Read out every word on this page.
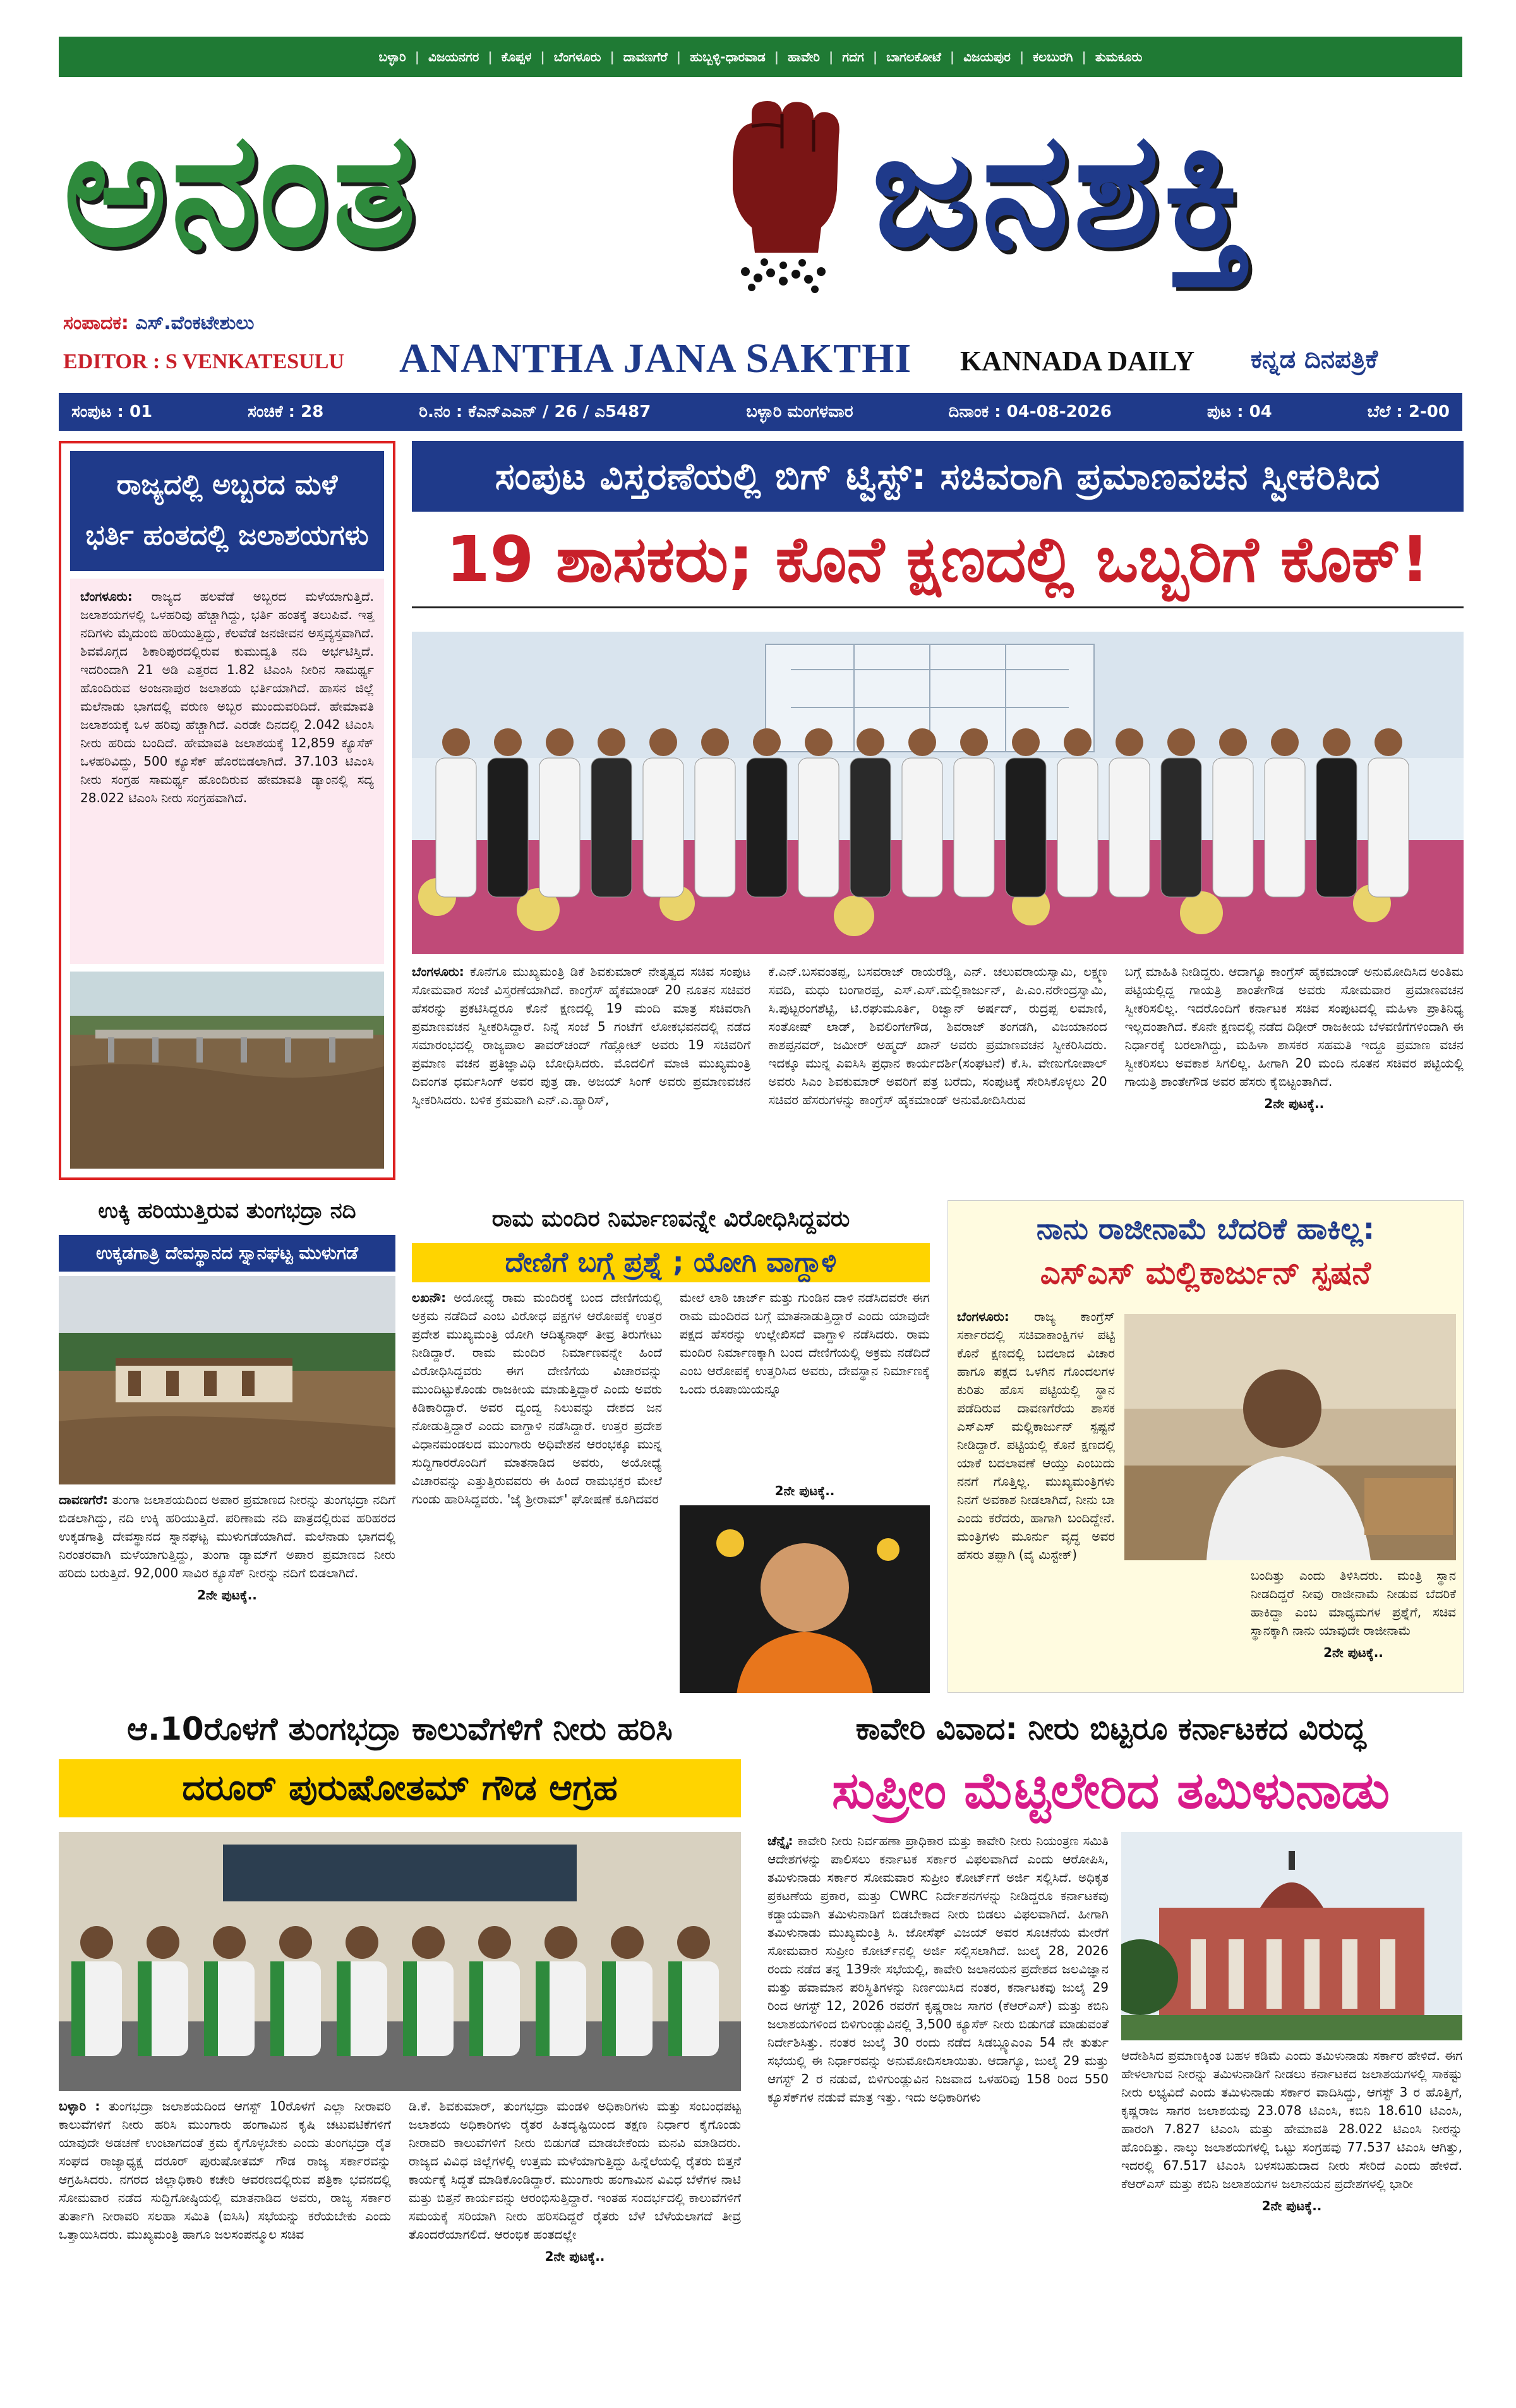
ಬಳ್ಳಾರಿ | ವಿಜಯನಗರ | ಕೊಪ್ಪಳ | ಬೆಂಗಳೂರು | ದಾವಣಗೆರೆ | ಹುಬ್ಬಳ್ಳಿ-ಧಾರವಾಡ | ಹಾವೇರಿ | ಗದಗ | ಬಾಗಲಕೋಟೆ | ವಿಜಯಪುರ | ಕಲಬುರಗಿ | ತುಮಕೂರು
ಅನಂತ	ಜನಶಕ್ತಿ
ಸಂಪಾದಕ: ಎಸ್.ವೆಂಕಟೇಶುಲು
EDITOR : S VENKATESULU ANANTHA JANA SAKTHI KANNADA DAILY ಕನ್ನಡ ದಿನಪತ್ರಿಕೆ
ಸಂಪುಟ : 01	ಸಂಚಿಕೆ : 28	ರಿ.ನಂ : ಕೆಎನ್‌ಎಎನ್ / 26 / ಎ5487	ಬಳ್ಳಾರಿ ಮಂಗಳವಾರ	ದಿನಾಂಕ : 04-08-2026	ಪುಟ : 04	ಬೆಲೆ : 2-00
ರಾಜ್ಯದಲ್ಲಿ ಅಬ್ಬರದ ಮಳೆ
ಭರ್ತಿ ಹಂತದಲ್ಲಿ ಜಲಾಶಯಗಳು
ಬೆಂಗಳೂರು: ರಾಜ್ಯದ ಹಲವೆಡೆ ಅಬ್ಬರದ ಮಳೆಯಾಗುತ್ತಿದೆ. ಜಲಾಶಯಗಳಲ್ಲಿ ಒಳಹರಿವು ಹೆಚ್ಚಾಗಿದ್ದು, ಭರ್ತಿ ಹಂತಕ್ಕೆ ತಲುಪಿವೆ. ಇತ್ತ ನದಿಗಳು ಮೈದುಂಬಿ ಹರಿಯುತ್ತಿದ್ದು, ಕೆಲವೆಡೆ ಜನಜೀವನ ಅಸ್ತವ್ಯಸ್ತವಾಗಿದೆ. ಶಿವಮೊಗ್ಗದ ಶಿಕಾರಿಪುರದಲ್ಲಿರುವ ಕುಮುದ್ವತಿ ನದಿ ಅರ್ಭಟಿಸ್ತಿದೆ. ಇದರಿಂದಾಗಿ 21 ಅಡಿ ಎತ್ತರದ 1.82 ಟಿಎಂಸಿ ನೀರಿನ ಸಾಮರ್ಥ್ಯ ಹೊಂದಿರುವ ಅಂಜನಾಪುರ ಜಲಾಶಯ ಭರ್ತಿಯಾಗಿದೆ. ಹಾಸನ ಜಿಲ್ಲೆ ಮಲೆನಾಡು ಭಾಗದಲ್ಲಿ ವರುಣ ಅಬ್ಬರ ಮುಂದುವರಿದಿದೆ. ಹೇಮಾವತಿ ಜಲಾಶಯಕ್ಕೆ ಒಳ ಹರಿವು ಹೆಚ್ಚಾಗಿದೆ. ಎರಡೇ ದಿನದಲ್ಲಿ 2.042 ಟಿಎಂಸಿ ನೀರು ಹರಿದು ಬಂದಿದೆ. ಹೇಮಾವತಿ ಜಲಾಶಯಕ್ಕೆ 12,859 ಕ್ಯೂಸೆಕ್ ಒಳಹರಿವಿದ್ದು, 500 ಕ್ಯೂಸೆಕ್ ಹೊರಬಿಡಲಾಗಿದೆ. 37.103 ಟಿಎಂಸಿ ನೀರು ಸಂಗ್ರಹ ಸಾಮರ್ಥ್ಯ ಹೊಂದಿರುವ ಹೇಮಾವತಿ ಡ್ಯಾಂನಲ್ಲಿ ಸದ್ಯ 28.022 ಟಿಎಂಸಿ ನೀರು ಸಂಗ್ರಹವಾಗಿದೆ.
ಸಂಪುಟ ವಿಸ್ತರಣೆಯಲ್ಲಿ ಬಿಗ್ ಟ್ವಿಸ್ಟ್: ಸಚಿವರಾಗಿ ಪ್ರಮಾಣವಚನ ಸ್ವೀಕರಿಸಿದ
19 ಶಾಸಕರು; ಕೊನೆ ಕ್ಷಣದಲ್ಲಿ ಒಬ್ಬರಿಗೆ ಕೊಕ್!
ಬೆಂಗಳೂರು: ಕೊನೆಗೂ ಮುಖ್ಯಮಂತ್ರಿ ಡಿಕೆ ಶಿವಕುಮಾರ್ ನೇತೃತ್ವದ ಸಚಿವ ಸಂಪುಟ ಸೋಮವಾರ ಸಂಜೆ ವಿಸ್ತರಣೆಯಾಗಿದೆ. ಕಾಂಗ್ರೆಸ್ ಹೈಕಮಾಂಡ್ 20 ನೂತನ ಸಚಿವರ ಹೆಸರನ್ನು ಪ್ರಕಟಿಸಿದ್ದರೂ ಕೊನೆ ಕ್ಷಣದಲ್ಲಿ 19 ಮಂದಿ ಮಾತ್ರ ಸಚಿವರಾಗಿ ಪ್ರಮಾಣವಚನ ಸ್ವೀಕರಿಸಿದ್ದಾರೆ. ನಿನ್ನೆ ಸಂಜೆ 5 ಗಂಟೆಗೆ ಲೋಕಭವನದಲ್ಲಿ ನಡೆದ ಸಮಾರಂಭದಲ್ಲಿ ರಾಜ್ಯಪಾಲ ತಾವರ್‌ಚಂದ್ ಗೆಹ್ಲೋಟ್ ಅವರು 19 ಸಚಿವರಿಗೆ ಪ್ರಮಾಣ ವಚನ ಪ್ರತಿಜ್ಞಾವಿಧಿ ಬೋಧಿಸಿದರು. ಮೊದಲಿಗೆ ಮಾಜಿ ಮುಖ್ಯಮಂತ್ರಿ ದಿವಂಗತ ಧರ್ಮಸಿಂಗ್ ಅವರ ಪುತ್ರ ಡಾ. ಅಜಯ್ ಸಿಂಗ್ ಅವರು ಪ್ರಮಾಣವಚನ ಸ್ವೀಕರಿಸಿದರು. ಬಳಿಕ ಕ್ರಮವಾಗಿ ಎನ್.ಎ.ಹ್ಯಾರಿಸ್,
ಕೆ.ಎನ್.ಬಸವಂತಪ್ಪ, ಬಸವರಾಜ್ ರಾಯರೆಡ್ಡಿ, ಎನ್. ಚಲುವರಾಯಸ್ವಾಮಿ, ಲಕ್ಷ್ಮಣ ಸವದಿ, ಮಧು ಬಂಗಾರಪ್ಪ, ಎಸ್.ಎಸ್.ಮಲ್ಲಿಕಾರ್ಜುನ್, ಪಿ.ಎಂ.ನರೇಂದ್ರಸ್ವಾಮಿ, ಸಿ.ಪುಟ್ಟರಂಗಶೆಟ್ಟಿ, ಟಿ.ರಘುಮೂರ್ತಿ, ರಿಜ್ವಾನ್ ಅರ್ಷದ್, ರುದ್ರಪ್ಪ ಲಮಾಣಿ, ಸಂತೋಷ್ ಲಾಡ್, ಶಿವಲಿಂಗೇಗೌಡ, ಶಿವರಾಜ್ ತಂಗಡಗಿ, ವಿಜಯಾನಂದ ಕಾಶಪ್ಪನವರ್, ಜಮೀರ್ ಅಹ್ಮದ್ ಖಾನ್ ಅವರು ಪ್ರಮಾಣವಚನ ಸ್ವೀಕರಿಸಿದರು. ಇದಕ್ಕೂ ಮುನ್ನ ಎಐಸಿಸಿ ಪ್ರಧಾನ ಕಾರ್ಯದರ್ಶಿ(ಸಂಘಟನೆ) ಕೆ.ಸಿ. ವೇಣುಗೋಪಾಲ್ ಅವರು ಸಿಎಂ ಶಿವಕುಮಾರ್ ಅವರಿಗೆ ಪತ್ರ ಬರೆದು, ಸಂಪುಟಕ್ಕೆ ಸೇರಿಸಿಕೊಳ್ಳಲು 20 ಸಚಿವರ ಹೆಸರುಗಳನ್ನು ಕಾಂಗ್ರೆಸ್ ಹೈಕಮಾಂಡ್ ಅನುಮೋದಿಸಿರುವ
ಬಗ್ಗೆ ಮಾಹಿತಿ ನೀಡಿದ್ದರು. ಆದಾಗ್ಯೂ ಕಾಂಗ್ರೆಸ್ ಹೈಕಮಾಂಡ್ ಅನುಮೋದಿಸಿದ ಅಂತಿಮ ಪಟ್ಟಿಯಲ್ಲಿದ್ದ ಗಾಯತ್ರಿ ಶಾಂತೇಗೌಡ ಅವರು ಸೋಮವಾರ ಪ್ರಮಾಣವಚನ ಸ್ವೀಕರಿಸಲಿಲ್ಲ. ಇದರೊಂದಿಗೆ ಕರ್ನಾಟಕ ಸಚಿವ ಸಂಪುಟದಲ್ಲಿ ಮಹಿಳಾ ಪ್ರಾತಿನಿಧ್ಯ ಇಲ್ಲದಂತಾಗಿದೆ. ಕೊನೇ ಕ್ಷಣದಲ್ಲಿ ನಡೆದ ದಿಢೀರ್ ರಾಜಕೀಯ ಬೆಳವಣಿಗೆಗಳಿಂದಾಗಿ ಈ ನಿರ್ಧಾರಕ್ಕೆ ಬರಲಾಗಿದ್ದು, ಮಹಿಳಾ ಶಾಸಕರ ಸಹಮತಿ ಇದ್ದೂ ಪ್ರಮಾಣ ವಚನ ಸ್ವೀಕರಿಸಲು ಅವಕಾಶ ಸಿಗಲಿಲ್ಲ. ಹೀಗಾಗಿ 20 ಮಂದಿ ನೂತನ ಸಚಿವರ ಪಟ್ಟಿಯಲ್ಲಿ ಗಾಯತ್ರಿ ಶಾಂತೇಗೌಡ ಅವರ ಹೆಸರು ಕೈಬಿಟ್ಟಂತಾಗಿದೆ.
2ನೇ ಪುಟಕ್ಕೆ..
ಉಕ್ಕಿ ಹರಿಯುತ್ತಿರುವ ತುಂಗಭದ್ರಾ ನದಿ
ಉಕ್ಕಡಗಾತ್ರಿ ದೇವಸ್ಥಾನದ ಸ್ನಾನಘಟ್ಟ ಮುಳುಗಡೆ
ದಾವಣಗೆರೆ: ತುಂಗಾ ಜಲಾಶಯದಿಂದ ಅಪಾರ ಪ್ರಮಾಣದ ನೀರನ್ನು ತುಂಗಭದ್ರಾ ನದಿಗೆ ಬಿಡಲಾಗಿದ್ದು, ನದಿ ಉಕ್ಕಿ ಹರಿಯುತ್ತಿದೆ. ಪರಿಣಾಮ ನದಿ ಪಾತ್ರದಲ್ಲಿರುವ ಹರಿಹರದ ಉಕ್ಕಡಗಾತ್ರಿ ದೇವಸ್ಥಾನದ ಸ್ನಾನಘಟ್ಟ ಮುಳುಗಡೆಯಾಗಿದೆ. ಮಲೆನಾಡು ಭಾಗದಲ್ಲಿ ನಿರಂತರವಾಗಿ ಮಳೆಯಾಗುತ್ತಿದ್ದು, ತುಂಗಾ ಡ್ಯಾಮ್‌ಗೆ ಅಪಾರ ಪ್ರಮಾಣದ ನೀರು ಹರಿದು ಬರುತ್ತಿದೆ. 92,000 ಸಾವಿರ ಕ್ಯೂಸೆಕ್ ನೀರನ್ನು ನದಿಗೆ ಬಿಡಲಾಗಿದೆ.
2ನೇ ಪುಟಕ್ಕೆ..
ರಾಮ ಮಂದಿರ ನಿರ್ಮಾಣವನ್ನೇ ವಿರೋಧಿಸಿದ್ದವರು
ದೇಣಿಗೆ ಬಗ್ಗೆ ಪ್ರಶ್ನೆ ; ಯೋಗಿ ವಾಗ್ದಾಳಿ
ಲಖನೌ: ಅಯೋಧ್ಯೆ ರಾಮ ಮಂದಿರಕ್ಕೆ ಬಂದ ದೇಣಿಗೆಯಲ್ಲಿ ಅಕ್ರಮ ನಡೆದಿದೆ ಎಂಬ ವಿರೋಧ ಪಕ್ಷಗಳ ಆರೋಪಕ್ಕೆ ಉತ್ತರ ಪ್ರದೇಶ ಮುಖ್ಯಮಂತ್ರಿ ಯೋಗಿ ಆದಿತ್ಯನಾಥ್ ತೀವ್ರ ತಿರುಗೇಟು ನೀಡಿದ್ದಾರೆ. ರಾಮ ಮಂದಿರ ನಿರ್ಮಾಣವನ್ನೇ ಹಿಂದೆ ವಿರೋಧಿಸಿದ್ದವರು ಈಗ ದೇಣಿಗೆಯ ವಿಚಾರವನ್ನು ಮುಂದಿಟ್ಟುಕೊಂಡು ರಾಜಕೀಯ ಮಾಡುತ್ತಿದ್ದಾರೆ ಎಂದು ಅವರು ಕಿಡಿಕಾರಿದ್ದಾರೆ. ಅವರ ದ್ವಂದ್ವ ನಿಲುವನ್ನು ದೇಶದ ಜನ ನೋಡುತ್ತಿದ್ದಾರೆ ಎಂದು ವಾಗ್ದಾಳಿ ನಡೆಸಿದ್ದಾರೆ. ಉತ್ತರ ಪ್ರದೇಶ ವಿಧಾನಮಂಡಲದ ಮುಂಗಾರು ಅಧಿವೇಶನ ಆರಂಭಕ್ಕೂ ಮುನ್ನ ಸುದ್ದಿಗಾರರೊಂದಿಗೆ ಮಾತನಾಡಿದ ಅವರು, ಅಯೋಧ್ಯೆ ವಿಚಾರವನ್ನು ಎತ್ತುತ್ತಿರುವವರು ಈ ಹಿಂದೆ ರಾಮಭಕ್ತರ ಮೇಲೆ ಗುಂಡು ಹಾರಿಸಿದ್ದವರು. 'ಜೈ ಶ್ರೀರಾಮ್' ಘೋಷಣೆ ಕೂಗಿದವರ
ಮೇಲೆ ಲಾಠಿ ಚಾರ್ಜ್ ಮತ್ತು ಗುಂಡಿನ ದಾಳಿ ನಡೆಸಿದವರೇ ಈಗ ರಾಮ ಮಂದಿರದ ಬಗ್ಗೆ ಮಾತನಾಡುತ್ತಿದ್ದಾರೆ ಎಂದು ಯಾವುದೇ ಪಕ್ಷದ ಹೆಸರನ್ನು ಉಲ್ಲೇಖಿಸದೆ ವಾಗ್ದಾಳಿ ನಡೆಸಿದರು. ರಾಮ ಮಂದಿರ ನಿರ್ಮಾಣಕ್ಕಾಗಿ ಬಂದ ದೇಣಿಗೆಯಲ್ಲಿ ಅಕ್ರಮ ನಡೆದಿದೆ ಎಂಬ ಆರೋಪಕ್ಕೆ ಉತ್ತರಿಸಿದ ಅವರು, ದೇವಸ್ಥಾನ ನಿರ್ಮಾಣಕ್ಕೆ ಒಂದು ರೂಪಾಯಿಯನ್ನೂ
2ನೇ ಪುಟಕ್ಕೆ..
ನಾನು ರಾಜೀನಾಮೆ ಬೆದರಿಕೆ ಹಾಕಿಲ್ಲ:
ಎಸ್‌ಎಸ್ ಮಲ್ಲಿಕಾರ್ಜುನ್ ಸ್ಪಷನೆ
ಬೆಂಗಳೂರು: ರಾಜ್ಯ ಕಾಂಗ್ರೆಸ್ ಸರ್ಕಾರದಲ್ಲಿ ಸಚಿವಾಕಾಂಕ್ಷಿಗಳ ಪಟ್ಟಿ ಕೊನೆ ಕ್ಷಣದಲ್ಲಿ ಬದಲಾದ ವಿಚಾರ ಹಾಗೂ ಪಕ್ಷದ ಒಳಗಿನ ಗೊಂದಲಗಳ ಕುರಿತು ಹೊಸ ಪಟ್ಟಿಯಲ್ಲಿ ಸ್ಥಾನ ಪಡೆದಿರುವ ದಾವಣಗೆರೆಯ ಶಾಸಕ ಎಸ್‌ಎಸ್ ಮಲ್ಲಿಕಾರ್ಜುನ್ ಸ್ಪಷ್ಟನೆ ನೀಡಿದ್ದಾರೆ. ಪಟ್ಟಿಯಲ್ಲಿ ಕೊನೆ ಕ್ಷಣದಲ್ಲಿ ಯಾಕೆ ಬದಲಾವಣೆ ಆಯ್ತು ಎಂಬುದು ನನಗೆ ಗೊತ್ತಿಲ್ಲ. ಮುಖ್ಯಮಂತ್ರಿಗಳು ನಿನಗೆ ಅವಕಾಶ ನೀಡಲಾಗಿದೆ, ನೀನು ಬಾ ಎಂದು ಕರೆದರು, ಹಾಗಾಗಿ ಬಂದಿದ್ದೇನೆ. ಮಂತ್ರಿಗಳು ಮೂರ್ನು ವೃದ್ಧ ಅವರ ಹೆಸರು ತಪ್ಪಾಗಿ (ವೈ ಮಿಸ್ಟೇಕ್)
ಬಂದಿತ್ತು ಎಂದು ತಿಳಿಸಿದರು. ಮಂತ್ರಿ ಸ್ಥಾನ ನೀಡದಿದ್ದರೆ ನೀವು ರಾಜೀನಾಮೆ ನೀಡುವ ಬೆದರಿಕೆ ಹಾಕಿದ್ದಾ ಎಂಬ ಮಾಧ್ಯಮಗಳ ಪ್ರಶ್ನೆಗೆ, ಸಚಿವ ಸ್ಥಾನಕ್ಕಾಗಿ ನಾನು ಯಾವುದೇ ರಾಜೀನಾಮೆ
2ನೇ ಪುಟಕ್ಕೆ..
ಆ.10ರೊಳಗೆ ತುಂಗಭದ್ರಾ ಕಾಲುವೆಗಳಿಗೆ ನೀರು ಹರಿಸಿ
ದರೂರ್ ಪುರುಷೋತಮ್ ಗೌಡ ಆಗ್ರಹ
ಬಳ್ಳಾರಿ : ತುಂಗಭದ್ರಾ ಜಲಾಶಯದಿಂದ ಆಗಸ್ಟ್ 10ರೊಳಗೆ ಎಲ್ಲಾ ನೀರಾವರಿ ಕಾಲುವೆಗಳಿಗೆ ನೀರು ಹರಿಸಿ ಮುಂಗಾರು ಹಂಗಾಮಿನ ಕೃಷಿ ಚಟುವಟಿಕೆಗಳಿಗೆ ಯಾವುದೇ ಅಡಚಣೆ ಉಂಟಾಗದಂತೆ ಕ್ರಮ ಕೈಗೊಳ್ಳಬೇಕು ಎಂದು ತುಂಗಭದ್ರಾ ರೈತ ಸಂಘದ ರಾಜ್ಯಾಧ್ಯಕ್ಷ ದರೂರ್ ಪುರುಷೋತಮ್ ಗೌಡ ರಾಜ್ಯ ಸರ್ಕಾರವನ್ನು ಆಗ್ರಹಿಸಿದರು. ನಗರದ ಜಿಲ್ಲಾಧಿಕಾರಿ ಕಚೇರಿ ಆವರಣದಲ್ಲಿರುವ ಪತ್ರಿಕಾ ಭವನದಲ್ಲಿ ಸೋಮವಾರ ನಡೆದ ಸುದ್ದಿಗೋಷ್ಠಿಯಲ್ಲಿ ಮಾತನಾಡಿದ ಅವರು, ರಾಜ್ಯ ಸರ್ಕಾರ ತುರ್ತಾಗಿ ನೀರಾವರಿ ಸಲಹಾ ಸಮಿತಿ (ಐಸಿಸಿ) ಸಭೆಯನ್ನು ಕರೆಯಬೇಕು ಎಂದು ಒತ್ತಾಯಿಸಿದರು. ಮುಖ್ಯಮಂತ್ರಿ ಹಾಗೂ ಜಲಸಂಪನ್ಮೂಲ ಸಚಿವ
ಡಿ.ಕೆ. ಶಿವಕುಮಾರ್, ತುಂಗಭದ್ರಾ ಮಂಡಳಿ ಅಧಿಕಾರಿಗಳು ಮತ್ತು ಸಂಬಂಧಪಟ್ಟ ಜಲಾಶಯ ಅಧಿಕಾರಿಗಳು ರೈತರ ಹಿತದೃಷ್ಟಿಯಿಂದ ತಕ್ಷಣ ನಿರ್ಧಾರ ಕೈಗೊಂಡು ನೀರಾವರಿ ಕಾಲುವೆಗಳಿಗೆ ನೀರು ಬಿಡುಗಡೆ ಮಾಡಬೇಕೆಂದು ಮನವಿ ಮಾಡಿದರು. ರಾಜ್ಯದ ವಿವಿಧ ಜಿಲ್ಲೆಗಳಲ್ಲಿ ಉತ್ತಮ ಮಳೆಯಾಗುತ್ತಿದ್ದು ಹಿನ್ನೆಲೆಯಲ್ಲಿ ರೈತರು ಬಿತ್ತನೆ ಕಾರ್ಯಕ್ಕೆ ಸಿದ್ಧತೆ ಮಾಡಿಕೊಂಡಿದ್ದಾರೆ. ಮುಂಗಾರು ಹಂಗಾಮಿನ ವಿವಿಧ ಬೆಳೆಗಳ ನಾಟಿ ಮತ್ತು ಬಿತ್ತನೆ ಕಾರ್ಯವನ್ನು ಆರಂಭಿಸುತ್ತಿದ್ದಾರೆ. ಇಂತಹ ಸಂದರ್ಭದಲ್ಲಿ ಕಾಲುವೆಗಳಿಗೆ ಸಮಯಕ್ಕೆ ಸರಿಯಾಗಿ ನೀರು ಹರಿಸದಿದ್ದರೆ ರೈತರು ಬೆಳೆ ಬೆಳೆಯಲಾಗದೆ ತೀವ್ರ ತೊಂದರೆಯಾಗಲಿದೆ. ಆರಂಭಿಕ ಹಂತದಲ್ಲೇ
2ನೇ ಪುಟಕ್ಕೆ..
ಕಾವೇರಿ ವಿವಾದ: ನೀರು ಬಿಟ್ಟರೂ ಕರ್ನಾಟಕದ ವಿರುದ್ಧ
ಸುಪ್ರೀಂ ಮೆಟ್ಟಿಲೇರಿದ ತಮಿಳುನಾಡು
ಚೆನ್ನೈ: ಕಾವೇರಿ ನೀರು ನಿರ್ವಹಣಾ ಪ್ರಾಧಿಕಾರ ಮತ್ತು ಕಾವೇರಿ ನೀರು ನಿಯಂತ್ರಣ ಸಮಿತಿ ಆದೇಶಗಳನ್ನು ಪಾಲಿಸಲು ಕರ್ನಾಟಕ ಸರ್ಕಾರ ವಿಫಲವಾಗಿದೆ ಎಂದು ಆರೋಪಿಸಿ, ತಮಿಳುನಾಡು ಸರ್ಕಾರ ಸೋಮವಾರ ಸುಪ್ರೀಂ ಕೋರ್ಟ್‌ಗೆ ಅರ್ಜಿ ಸಲ್ಲಿಸಿದೆ. ಅಧಿಕೃತ ಪ್ರಕಟಣೆಯ ಪ್ರಕಾರ, ಮತ್ತು CWRC ನಿರ್ದೇಶನಗಳನ್ನು ನೀಡಿದ್ದರೂ ಕರ್ನಾಟಕವು ಕಡ್ಡಾಯವಾಗಿ ತಮಿಳುನಾಡಿಗೆ ಬಿಡಬೇಕಾದ ನೀರು ಬಿಡಲು ವಿಫಲವಾಗಿದೆ. ಹೀಗಾಗಿ ತಮಿಳುನಾಡು ಮುಖ್ಯಮಂತ್ರಿ ಸಿ. ಜೋಸೆಫ್ ವಿಜಯ್ ಅವರ ಸೂಚನೆಯ ಮೇರೆಗೆ ಸೋಮವಾರ ಸುಪ್ರೀಂ ಕೋರ್ಟ್‌ನಲ್ಲಿ ಅರ್ಜಿ ಸಲ್ಲಿಸಲಾಗಿದೆ. ಜುಲೈ 28, 2026 ರಂದು ನಡೆದ ತನ್ನ 139ನೇ ಸಭೆಯಲ್ಲಿ, ಕಾವೇರಿ ಜಲಾನಯನ ಪ್ರದೇಶದ ಜಲವಿಜ್ಞಾನ ಮತ್ತು ಹವಾಮಾನ ಪರಿಸ್ಥಿತಿಗಳನ್ನು ನಿರ್ಣಯಿಸಿದ ನಂತರ, ಕರ್ನಾಟಕವು ಜುಲೈ 29 ರಿಂದ ಆಗಸ್ಟ್ 12, 2026 ರವರೆಗೆ ಕೃಷ್ಣರಾಜ ಸಾಗರ (ಕೆಆರ್‌ಎಸ್) ಮತ್ತು ಕಬಿನಿ ಜಲಾಶಯಗಳಿಂದ ಬಿಳಿಗುಂಡ್ಲುವಿನಲ್ಲಿ 3,500 ಕ್ಯೂಸೆಕ್ ನೀರು ಬಿಡುಗಡೆ ಮಾಡುವಂತೆ ನಿರ್ದೇಶಿಸಿತ್ತು. ನಂತರ ಜುಲೈ 30 ರಂದು ನಡೆದ ಸಿಡಬ್ಲ್ಯೂಎಂಎ 54 ನೇ ತುರ್ತು ಸಭೆಯಲ್ಲಿ ಈ ನಿರ್ಧಾರವನ್ನು ಅನುಮೋದಿಸಲಾಯಿತು. ಆದಾಗ್ಯೂ, ಜುಲೈ 29 ಮತ್ತು ಆಗಸ್ಟ್ 2 ರ ನಡುವೆ, ಬಿಳಿಗುಂಡ್ಲುವಿನ ನಿಜವಾದ ಒಳಹರಿವು 158 ರಿಂದ 550 ಕ್ಯೂಸೆಕ್‌ಗಳ ನಡುವೆ ಮಾತ್ರ ಇತ್ತು. ಇದು ಅಧಿಕಾರಿಗಳು
ಆದೇಶಿಸಿದ ಪ್ರಮಾಣಕ್ಕಿಂತ ಬಹಳ ಕಡಿಮೆ ಎಂದು ತಮಿಳುನಾಡು ಸರ್ಕಾರ ಹೇಳಿದೆ. ಈಗ ಹೇಳಲಾಗುವ ನೀರನ್ನು ತಮಿಳುನಾಡಿಗೆ ನೀಡಲು ಕರ್ನಾಟಕದ ಜಲಾಶಯಗಳಲ್ಲಿ ಸಾಕಷ್ಟು ನೀರು ಲಭ್ಯವಿದೆ ಎಂದು ತಮಿಳುನಾಡು ಸರ್ಕಾರ ವಾದಿಸಿದ್ದು, ಆಗಸ್ಟ್ 3 ರ ಹೊತ್ತಿಗೆ, ಕೃಷ್ಣರಾಜ ಸಾಗರ ಜಲಾಶಯವು 23.078 ಟಿಎಂಸಿ, ಕಬಿನಿ 18.610 ಟಿಎಂಸಿ, ಹಾರಂಗಿ 7.827 ಟಿಎಂಸಿ ಮತ್ತು ಹೇಮಾವತಿ 28.022 ಟಿಎಂಸಿ ನೀರನ್ನು ಹೊಂದಿತ್ತು. ನಾಲ್ಕು ಜಲಾಶಯಗಳಲ್ಲಿ ಒಟ್ಟು ಸಂಗ್ರಹವು 77.537 ಟಿಎಂಸಿ ಆಗಿತ್ತು, ಇದರಲ್ಲಿ 67.517 ಟಿಎಂಸಿ ಬಳಸಬಹುದಾದ ನೀರು ಸೇರಿದೆ ಎಂದು ಹೇಳಿದೆ. ಕೆಆರ್‌ಎಸ್ ಮತ್ತು ಕಬಿನಿ ಜಲಾಶಯಗಳ ಜಲಾನಯನ ಪ್ರದೇಶಗಳಲ್ಲಿ ಭಾರೀ
2ನೇ ಪುಟಕ್ಕೆ..
